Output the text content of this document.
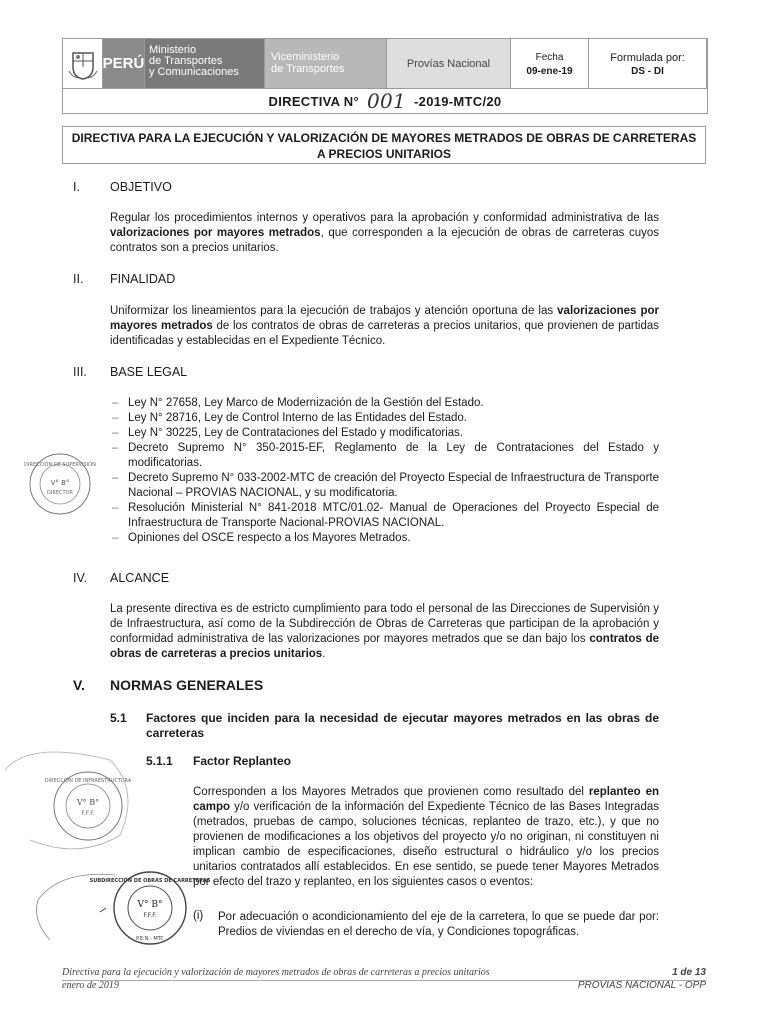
PERÚ
Ministerio
de Transportes
y Comunicaciones
Viceministerio
de Transportes	Provías Nacional	Fecha
09-ene-19
Formulada por:
DS - DI
DIRECTIVA N° 001 -2019-MTC/20
DIRECTIVA PARA LA EJECUCIÓN Y VALORIZACIÓN DE MAYORES METRADOS DE OBRAS DE CARRETERAS
A PRECIOS UNITARIOS
I. OBJETIVO
Regular los procedimientos internos y operativos para la aprobación y conformidad administrativa de las valorizaciones por mayores metrados, que corresponden a la ejecución de obras de carreteras cuyos contratos son a precios unitarios.
II. FINALIDAD
Uniformizar los lineamientos para la ejecución de trabajos y atención oportuna de las valorizaciones por mayores metrados de los contratos de obras de carreteras a precios unitarios, que provienen de partidas identificadas y establecidas en el Expediente Técnico.
III. BASE LEGAL
– Ley N° 27658, Ley Marco de Modernización de la Gestión del Estado.
– Ley N° 28716, Ley de Control Interno de las Entidades del Estado.
– Ley N° 30225, Ley de Contrataciones del Estado y modificatorias.
– Decreto Supremo N° 350-2015-EF, Reglamento de la Ley de Contrataciones del Estado y modificatorias.
– Decreto Supremo N° 033-2002-MTC de creación del Proyecto Especial de Infraestructura de Transporte Nacional – PROVIAS NACIONAL, y su modificatoria.
– Resolución Ministerial N° 841-2018 MTC/01.02- Manual de Operaciones del Proyecto Especial de Infraestructura de Transporte Nacional-PROVIAS NACIONAL.
– Opiniones del OSCE respecto a los Mayores Metrados.
IV. ALCANCE
La presente directiva es de estricto cumplimiento para todo el personal de las Direcciones de Supervisión y de Infraestructura, así como de la Subdirección de Obras de Carreteras que participan de la aprobación y conformidad administrativa de las valorizaciones por mayores metrados que se dan bajo los contratos de obras de carreteras a precios unitarios.
V. NORMAS GENERALES
5.1 Factores que inciden para la necesidad de ejecutar mayores metrados en las obras de carreteras
5.1.1 Factor Replanteo
Corresponden a los Mayores Metrados que provienen como resultado del replanteo en campo y/o verificación de la información del Expediente Técnico de las Bases Integradas (metrados, pruebas de campo, soluciones técnicas, replanteo de trazo, etc.), y que no provienen de modificaciones a los objetivos del proyecto y/o no originan, ni constituyen ni implican cambio de especificaciones, diseño estructural o hidráulico y/o los precios unitarios contratados allí establecidos. En ese sentido, se puede tener Mayores Metrados por efecto del trazo y replanteo, en los siguientes casos o eventos:
(i) Por adecuación o acondicionamiento del eje de la carretera, lo que se puede dar por: Predios de viviendas en el derecho de vía, y Condiciones topográficas.
DIRECCIÓN DE SUPERVISIÓN
V° B°
DIRECTOR
DIRECCIÓN DE INFRAESTRUCTURA
V° B°
F.F.F.
SUBDIRECCIÓN DE OBRAS DE CARRETERAS
V° B°
F.F.F.
P.E.N.- MTC
Directiva para la ejecución y valorización de mayores metrados de obras de carreteras a precios unitarios
enero de 2019
1 de 13
PROVIAS NACIONAL - OPP
